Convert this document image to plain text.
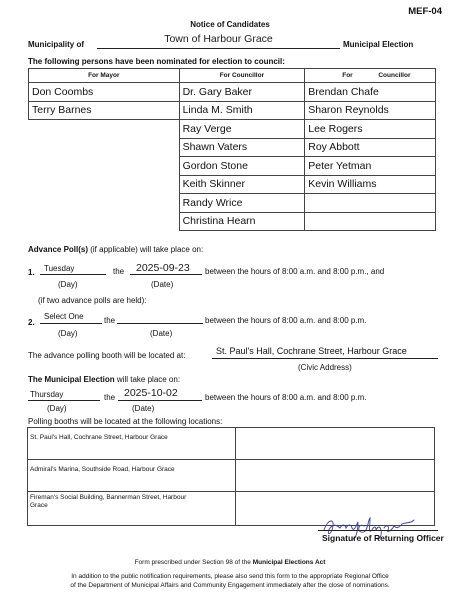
MEF-04
Notice of Candidates
Municipality of	Town of Harbour Grace	Municipal Election
The following persons have been nominated for election to council:
For Mayor	For Councillor	For Councillor
Don Coombs	Dr. Gary Baker	Brendan Chafe
Terry Barnes	Linda M. Smith	Sharon Reynolds
	Ray Verge	Lee Rogers
	Shawn Vaters	Roy Abbott
	Gordon Stone	Peter Yetman
	Keith Skinner	Kevin Williams
	Randy Wrice	
	Christina Hearn	
Advance Poll(s) (if applicable) will take place on:
1. Tuesday	the 2025-09-23 between the hours of 8:00 a.m. and 8:00 p.m., and
(Day)	(Date)
(if two advance polls are held):
2.
Select One	the	between the hours of 8:00 a.m. and 8:00 p.m.
(Day)	(Date)
The advance polling booth will be located at:	St. Paul's Hall, Cochrane Street, Harbour Grace
(Civic Address)
The Municipal Election will take place on:
Thursday	the 2025-10-02	between the hours of 8:00 a.m. and 8:00 p.m.
(Day)	(Date)
Polling booths will be located at the following locations:
St. Paul's Hall, Cochrane Street, Harbour Grace	
Admiral's Marina, Southside Road, Harbour Grace	

Fireman's Social Building, Bannerman Street, Harbour
Grace	

Signature of Returning Officer
Form prescribed under Section 98 of the Municipal Elections Act
In addition to the public notification requirements, please also send this form to the appropriate Regional Office
of the Department of Municipal Affairs and Community Engagement immediately after the close of nominations.
